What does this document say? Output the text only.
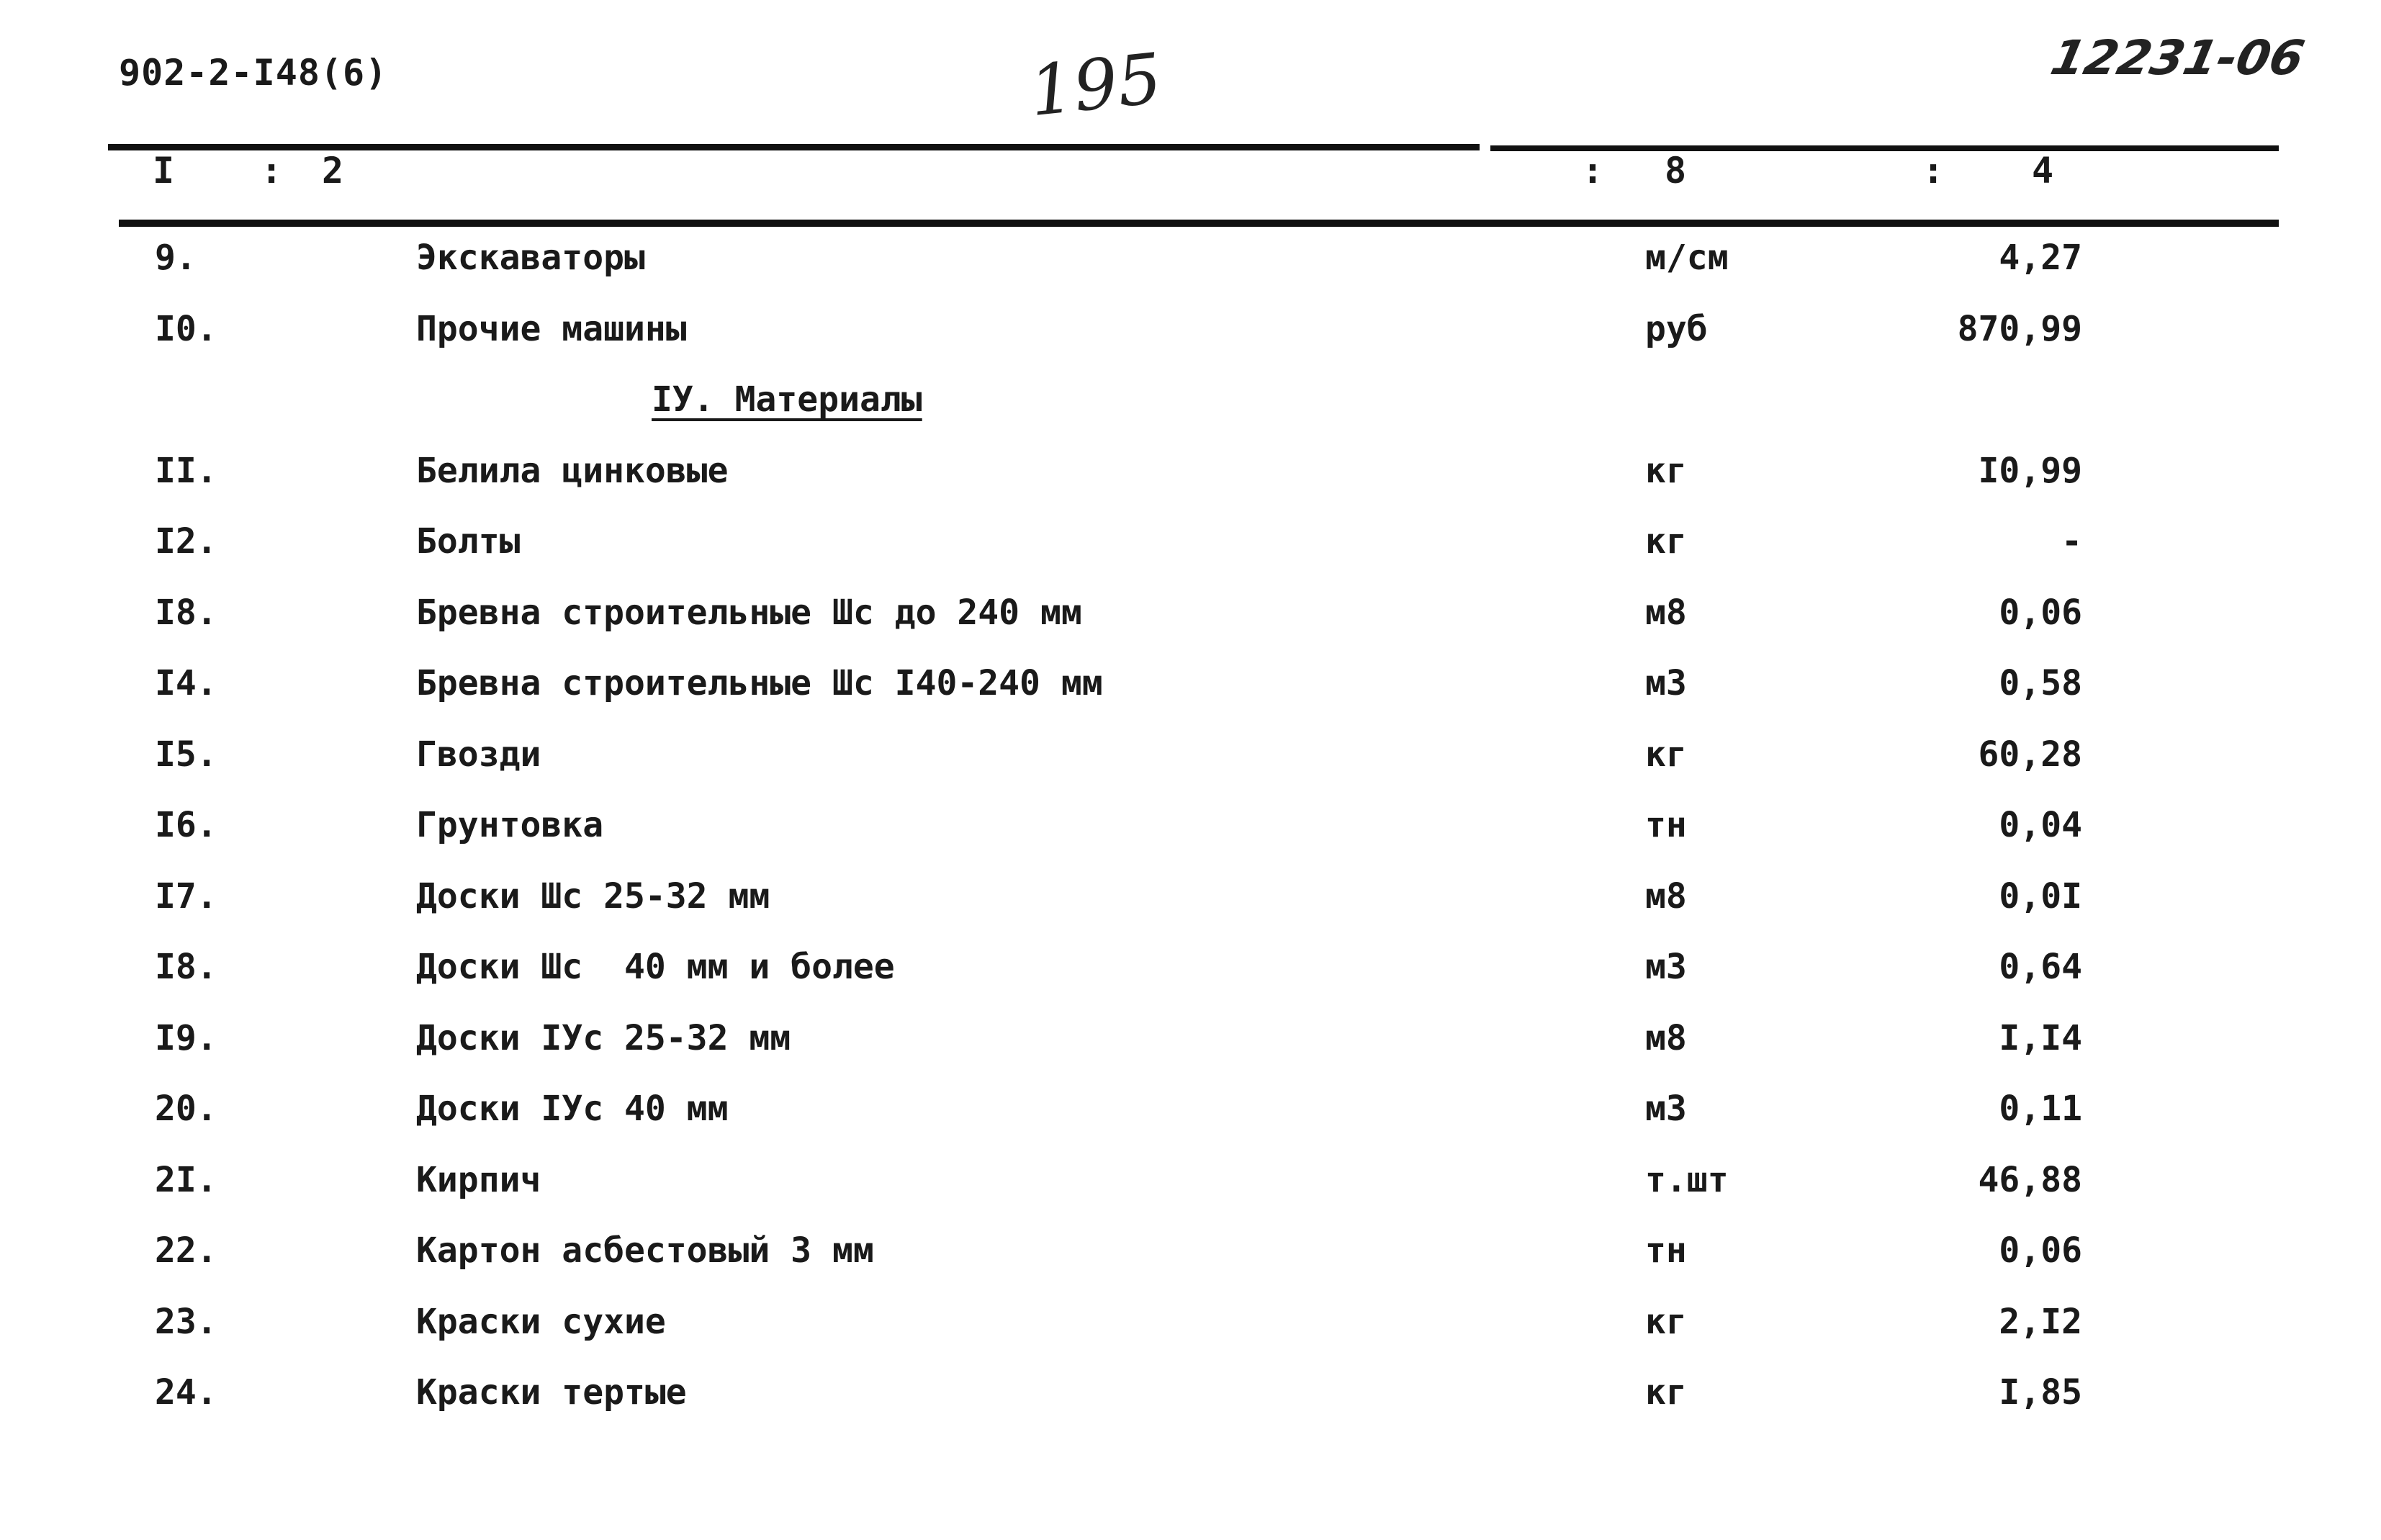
902-2-I48(6)	195	12231-06
I : 2	: 8	: 4
9.	Экскаваторы	м/см	4,27
I0.	Прочие машины	руб	870,99
IУ. Материалы
II.	Белила цинковые	кг	I0,99
I2.	Болты	кг	-
I8.	Бревна строительные Шс до 240 мм	м8	0,06
I4.	Бревна строительные Шс I40-240 мм	м3	0,58
I5.	Гвозди	кг	60,28
I6.	Грунтовка	тн	0,04
I7.	Доски Шс 25-32 мм	м8	0,0I
I8.	Доски Шс  40 мм и более	м3	0,64
I9.	Доски IУс 25-32 мм	м8	I,I4
20.	Доски IУс 40 мм	м3	0,11
2I.	Кирпич	т.шт	46,88
22.	Картон асбестовый 3 мм	тн	0,06
23.	Краски сухие	кг	2,I2
24.	Краски тертые	кг	I,85
